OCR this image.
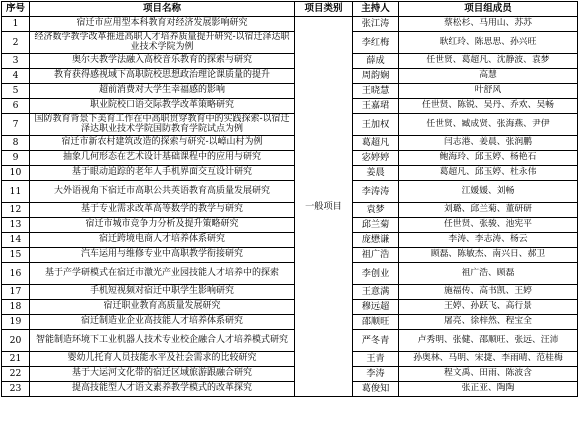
序号	项目名称	项目类别	主持人	项目组成员
1	宿迁市应用型本科教育对经济发展影响研究	一般项目	张江涛	蔡松杉、马用山、苏苏
2	经济数学教学改革推进高职人才培养质量提升研究-以宿迁泽达职业技术学院为例		李红梅	耿红玲、陈思思、孙兴旺
3	奥尔夫教学法融入高校音乐教育的探索与研究		薛成	任世贤、葛超凡、沈静波、袁梦
4	教育获得感视域下高职院校思想政治理论课质量的提升		周韵娴	高慧
5	超前消费对大学生幸福感的影响		王晓慧	叶舒风
6	职业院校口语交际教学改革策略研究		王嘉珺	任世贤、陈锐、吴丹、乔欢、吴畅
7	国防教育背景下美育工作在中高职贯穿教育中的实践探索-以宿迁泽达职业技术学院国防教育学院试点为例		王加权	任世贤、臧成贤、张海燕、尹伊
8	宿迁市新农村建筑改造的探索与研究-以嶂山村为例		葛超凡	闫志港、姜晨、张润鹏
9	抽象几何形态在艺术设计基础课程中的应用与研究		宓婷婷	鲍海玲、邱玉婷、杨艳石
10	基于眼动追踪的老年人手机界面交互设计研究		姜晨	葛超凡、邱玉婷、杜永伟
11	大外语视角下宿迁市高职公共英语教育高质量发展研究		李涛涛	江媛媛、刘畅
12	基于专业需求改革高等数学的教学与研究		袁梦	刘璐、邱兰菊、董研研
13	宿迁市城市竞争力分析及提升策略研究		邱兰菊	任世贤、张骏、池宪平
14	宿迁跨境电商人才培养体系研究		庞懋谦	李涛、李志涛、杨云
15	汽车运用与维修专业中高职教学衔接研究		祖广浩	顾磊、陈敏杰、南兴日、郝卫
16	基于产学研模式在宿迁市激光产业园技能人才培养中的探索		李创业	祖广浩、顾磊
17	手机短视频对宿迁中职学生影响研究		王意满	施福传、高书凯、王婷
18	宿迁职业教育高质量发展研究		穆远超	王婷、孙跃飞、高行景
19	宿迁制造业企业高技能人才培养体系研究		邵顺旺	屠亮、徐梓然、程宝全
20	智能制造环境下工业机器人技术专业校企融合人才培养模式研究		严冬青	卢秀明、张健、邵顺旺、张远、汪沛
21	婴幼儿托育人员技能水平及社会需求的比较研究		王青	孙奥林、马明、宋捷、李雨晴、范桂梅
22	基于大运河文化带的宿迁区域旅游跟融合研究		李涛	程文禹、田雨、陈波含
23	提高技能型人才语文素养教学模式的改革探究		葛俊知	张正亚、陶陶
